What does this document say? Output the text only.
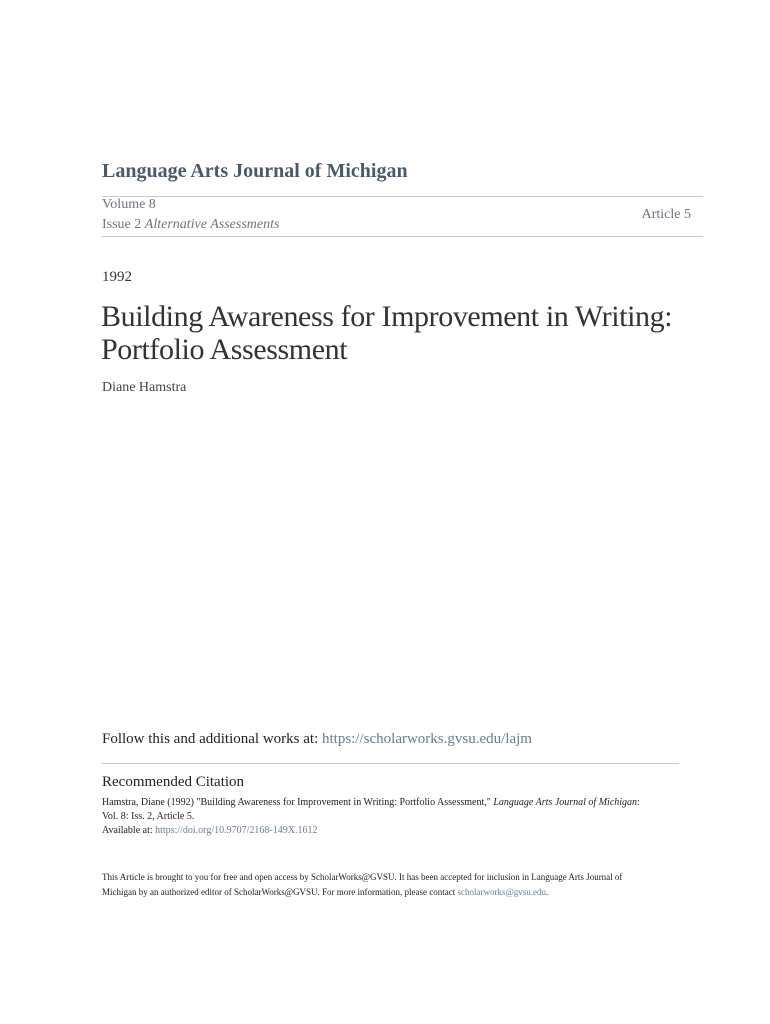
Language Arts Journal of Michigan
Volume 8
Issue 2 Alternative Assessments
Article 5
1992
Building Awareness for Improvement in Writing:
Portfolio Assessment
Diane Hamstra
Follow this and additional works at: https://scholarworks.gvsu.edu/lajm
Recommended Citation
Hamstra, Diane (1992) "Building Awareness for Improvement in Writing: Portfolio Assessment," Language Arts Journal of Michigan:
Vol. 8: Iss. 2, Article 5.
Available at: https://doi.org/10.9707/2168-149X.1612
This Article is brought to you for free and open access by ScholarWorks@GVSU. It has been accepted for inclusion in Language Arts Journal of
Michigan by an authorized editor of ScholarWorks@GVSU. For more information, please contact scholarworks@gvsu.edu.
